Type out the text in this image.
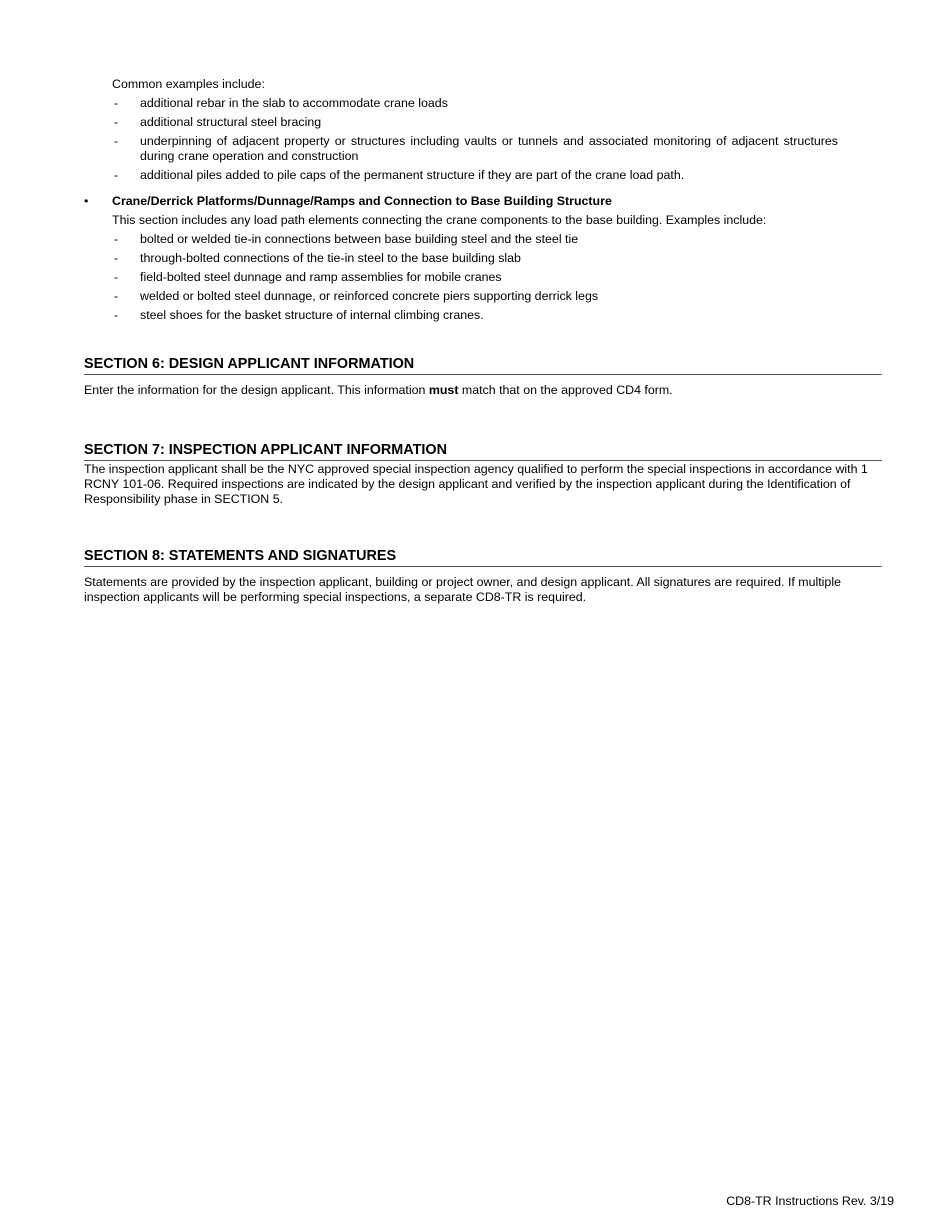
Common examples include:
- additional rebar in the slab to accommodate crane loads
- additional structural steel bracing
- underpinning of adjacent property or structures including vaults or tunnels and associated monitoring of adjacent structures during crane operation and construction
- additional piles added to pile caps of the permanent structure if they are part of the crane load path.
• Crane/Derrick Platforms/Dunnage/Ramps and Connection to Base Building Structure
This section includes any load path elements connecting the crane components to the base building. Examples include:
- bolted or welded tie-in connections between base building steel and the steel tie
- through-bolted connections of the tie-in steel to the base building slab
- field-bolted steel dunnage and ramp assemblies for mobile cranes
- welded or bolted steel dunnage, or reinforced concrete piers supporting derrick legs
- steel shoes for the basket structure of internal climbing cranes.
SECTION 6: DESIGN APPLICANT INFORMATION

Enter the information for the design applicant. This information must match that on the approved CD4 form.

SECTION 7: INSPECTION APPLICANT INFORMATION

The inspection applicant shall be the NYC approved special inspection agency qualified to perform the special inspections in accordance with 1 RCNY 101-06. Required inspections are indicated by the design applicant and verified by the inspection applicant during the Identification of Responsibility phase in SECTION 5.

SECTION 8: STATEMENTS AND SIGNATURES

Statements are provided by the inspection applicant, building or project owner, and design applicant. All signatures are required. If multiple inspection applicants will be performing special inspections, a separate CD8-TR is required.

CD8-TR Instructions Rev. 3/19
